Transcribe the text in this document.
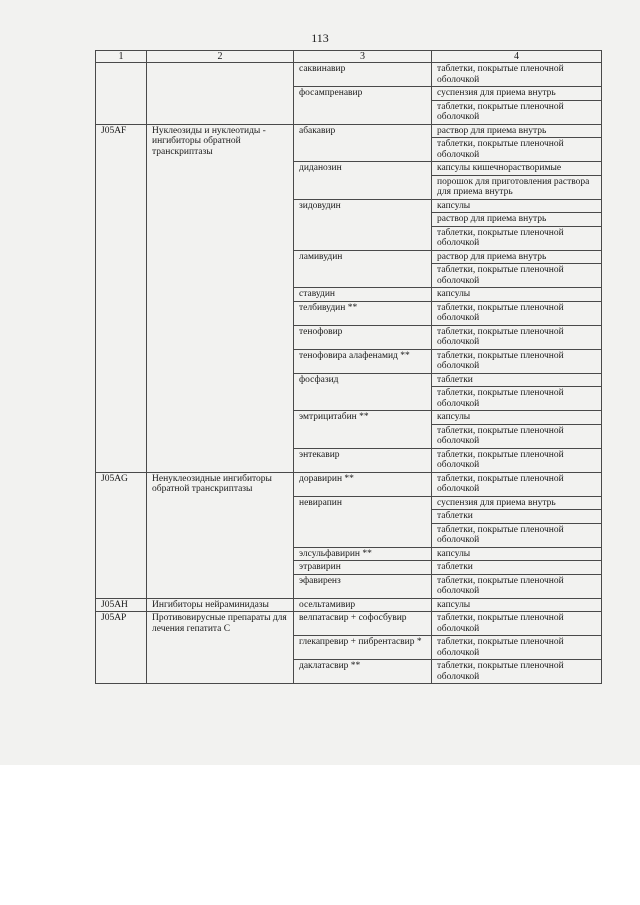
113
1	2	3	4
		саквинавир	таблетки, покрытые пленочной оболочкой
		фосампренавир	суспензия для приема внутрь
			таблетки, покрытые пленочной оболочкой
J05AF	Нуклеозиды и нуклеотиды - ингибиторы обратной транскриптазы	абакавир	раствор для приема внутрь
			таблетки, покрытые пленочной оболочкой
		диданозин	капсулы кишечнорастворимые
			порошок для приготовления раствора для приема внутрь
		зидовудин	капсулы
			раствор для приема внутрь
			таблетки, покрытые пленочной оболочкой
		ламивудин	раствор для приема внутрь
			таблетки, покрытые пленочной оболочкой
		ставудин	капсулы
		телбивудин **	таблетки, покрытые пленочной оболочкой
		тенофовир	таблетки, покрытые пленочной оболочкой
		тенофовира алафенамид **	таблетки, покрытые пленочной оболочкой
		фосфазид	таблетки
			таблетки, покрытые пленочной оболочкой
		эмтрицитабин **	капсулы
			таблетки, покрытые пленочной оболочкой
		энтекавир	таблетки, покрытые пленочной оболочкой
J05AG	Ненуклеозидные ингибиторы обратной транскриптазы	доравирин **	таблетки, покрытые пленочной оболочкой
		невирапин	суспензия для приема внутрь
			таблетки
			таблетки, покрытые пленочной оболочкой
		элсульфавирин **	капсулы
		этравирин	таблетки
		эфавиренз	таблетки, покрытые пленочной оболочкой
J05AH	Ингибиторы нейраминидазы	осельтамивир	капсулы
J05AP	Противовирусные препараты для лечения гепатита С	велпатасвир + софосбувир	таблетки, покрытые пленочной оболочкой
		глекапревир + пибрентасвир *	таблетки, покрытые пленочной оболочкой
		даклатасвир **	таблетки, покрытые пленочной оболочкой
